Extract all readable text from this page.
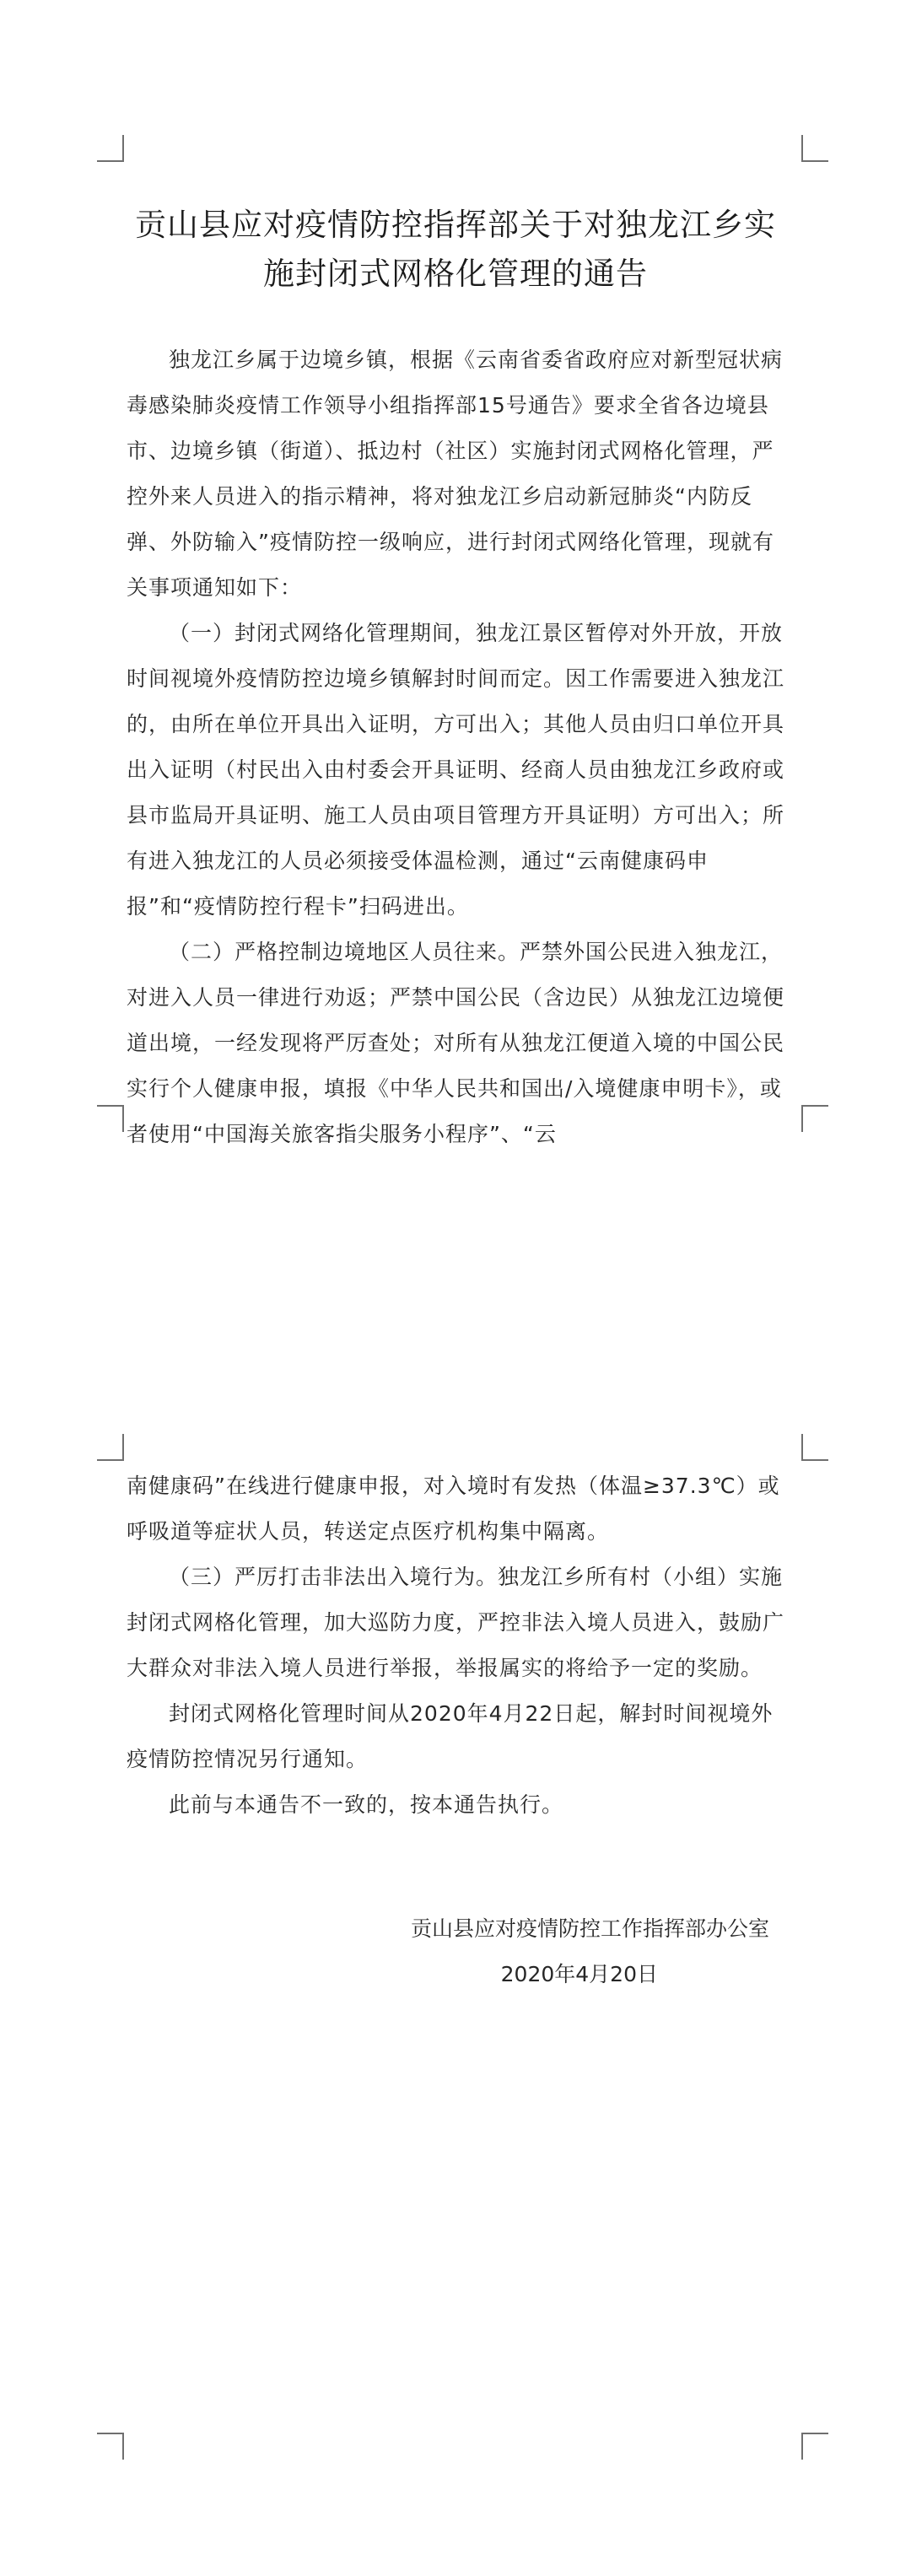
贡山县应对疫情防控指挥部关于对独龙江乡实施封闭式网格化管理的通告

独龙江乡属于边境乡镇，根据《云南省委省政府应对新型冠状病毒感染肺炎疫情工作领导小组指挥部15号通告》要求全省各边境县市、边境乡镇（街道）、抵边村（社区）实施封闭式网格化管理，严控外来人员进入的指示精神，将对独龙江乡启动新冠肺炎“内防反弹、外防输入”疫情防控一级响应，进行封闭式网络化管理，现就有关事项通知如下：

（一）封闭式网络化管理期间，独龙江景区暂停对外开放，开放时间视境外疫情防控边境乡镇解封时间而定。因工作需要进入独龙江的，由所在单位开具出入证明，方可出入；其他人员由归口单位开具出入证明（村民出入由村委会开具证明、经商人员由独龙江乡政府或县市监局开具证明、施工人员由项目管理方开具证明）方可出入；所有进入独龙江的人员必须接受体温检测，通过“云南健康码申报”和“疫情防控行程卡”扫码进出。

（二）严格控制边境地区人员往来。严禁外国公民进入独龙江，对进入人员一律进行劝返；严禁中国公民（含边民）从独龙江边境便道出境，一经发现将严厉查处；对所有从独龙江便道入境的中国公民实行个人健康申报，填报《中华人民共和国出/入境健康申明卡》，或者使用“中国海关旅客指尖服务小程序”、“云

南健康码”在线进行健康申报，对入境时有发热（体温≥37.3℃）或呼吸道等症状人员，转送定点医疗机构集中隔离。

（三）严厉打击非法出入境行为。独龙江乡所有村（小组）实施封闭式网格化管理，加大巡防力度，严控非法入境人员进入，鼓励广大群众对非法入境人员进行举报，举报属实的将给予一定的奖励。

封闭式网格化管理时间从2020年4月22日起，解封时间视境外疫情防控情况另行通知。

此前与本通告不一致的，按本通告执行。

贡山县应对疫情防控工作指挥部办公室
2020年4月20日
